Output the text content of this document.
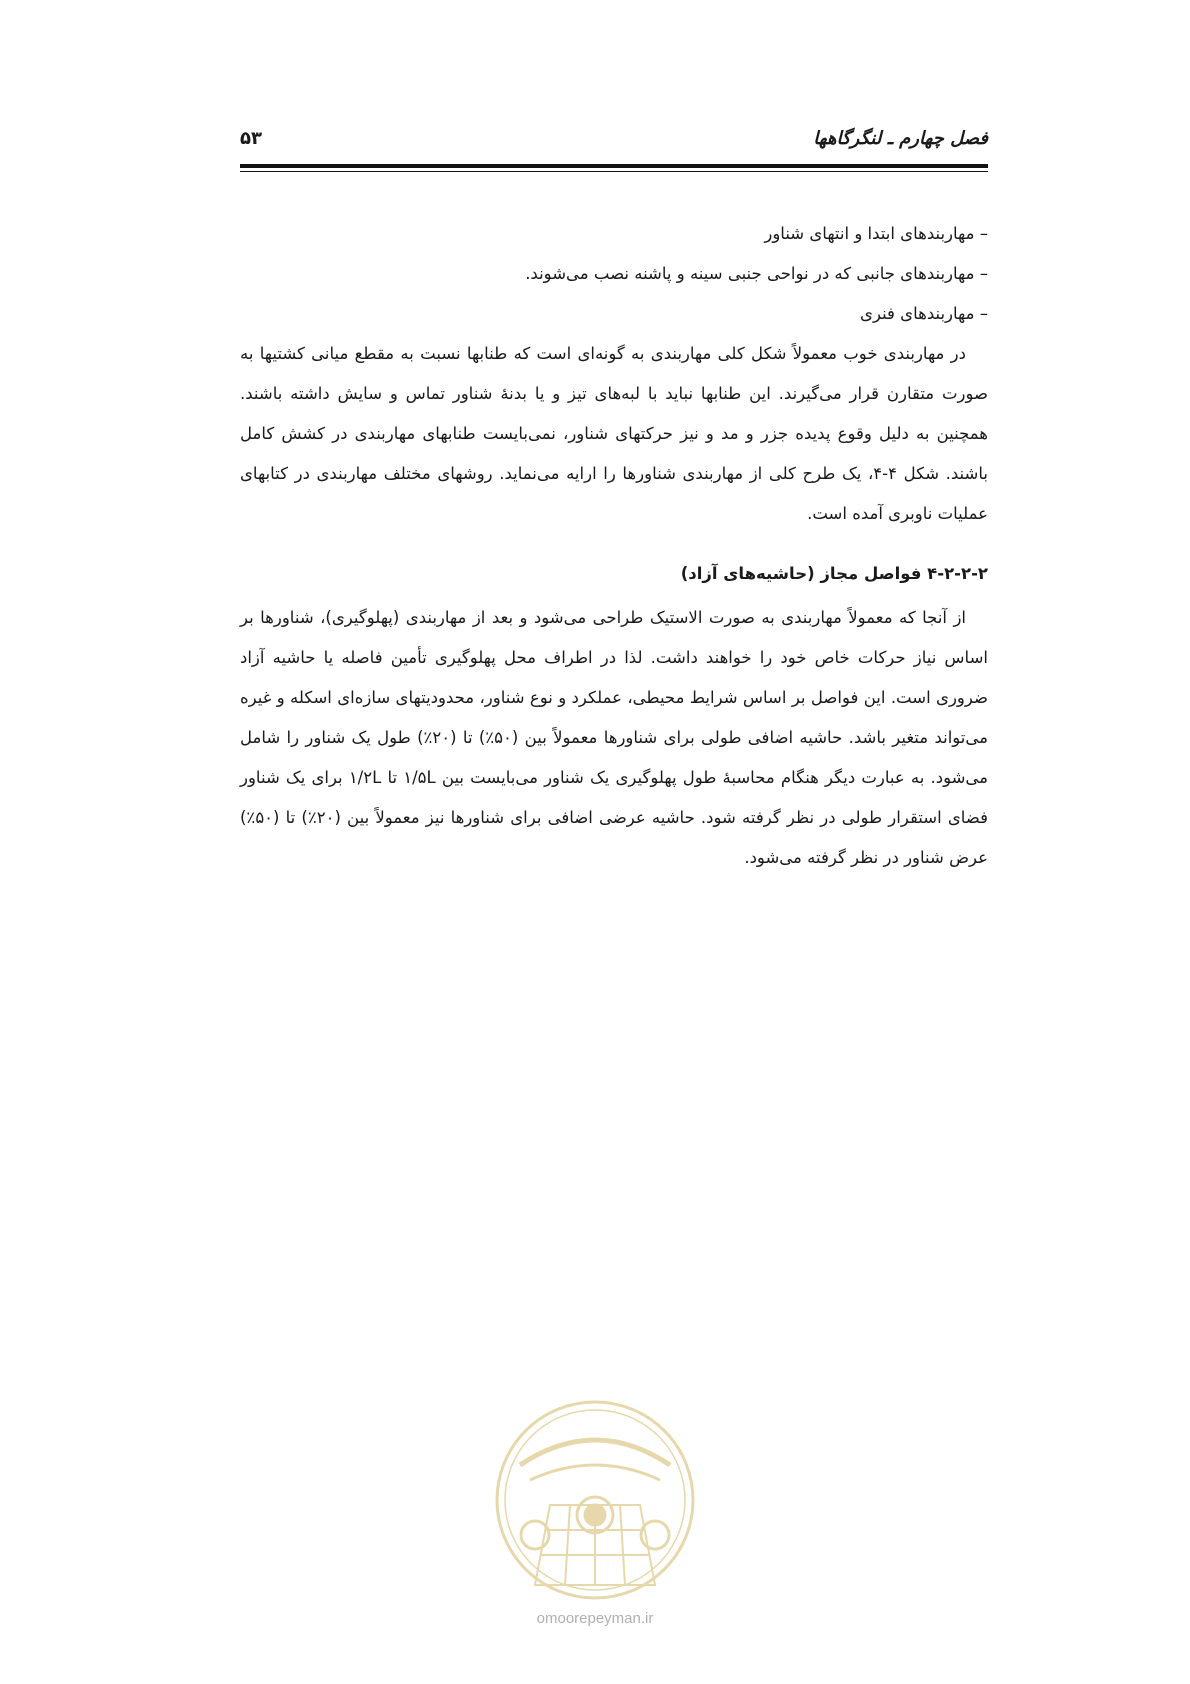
فصل چهارم ـ لنگرگاهها
۵۳

– مهاربندهای ابتدا و انتهای شناور

– مهاربندهای جانبی که در نواحی جنبی سینه و پاشنه نصب می‌شوند.

– مهاربندهای فنری

در مهاربندی خوب معمولاً شکل کلی مهاربندی به گونه‌ای است که طنابها نسبت به مقطع میانی کشتیها به صورت متقارن قرار می‌گیرند. این طنابها نباید با لبه‌های تیز و یا بدنهٔ شناور تماس و سایش داشته باشند. همچنین به دلیل وقوع پدیده جزر و مد و نیز حرکتهای شناور، نمی‌بایست طنابهای مهاربندی در کشش کامل باشند. شکل ۴-۴، یک طرح کلی از مهاربندی شناورها را ارایه می‌نماید. روشهای مختلف مهاربندی در کتابهای عملیات ناوبری آمده است.

۴-۲-۲-۲ فواصل مجاز (حاشیه‌های آزاد)

از آنجا که معمولاً مهاربندی به صورت الاستیک طراحی می‌شود و بعد از مهاربندی (پهلوگیری)، شناورها بر اساس نیاز حرکات خاص خود را خواهند داشت. لذا در اطراف محل پهلوگیری تأمین فاصله یا حاشیه آزاد ضروری است. این فواصل بر اساس شرایط محیطی، عملکرد و نوع شناور، محدودیتهای سازه‌ای اسکله و غیره می‌تواند متغیر باشد. حاشیه اضافی طولی برای شناورها معمولاً بین (۵۰٪) تا (۲۰٪) طول یک شناور را شامل می‌شود. به عبارت دیگر هنگام محاسبهٔ طول پهلوگیری یک شناور می‌بایست بین ۱/۵L تا ۱/۲L برای یک شناور فضای استقرار طولی در نظر گرفته شود. حاشیه عرضی اضافی برای شناورها نیز معمولاً بین (۲۰٪) تا (۵۰٪) عرض شناور در نظر گرفته می‌شود.

omoorepeyman.ir
